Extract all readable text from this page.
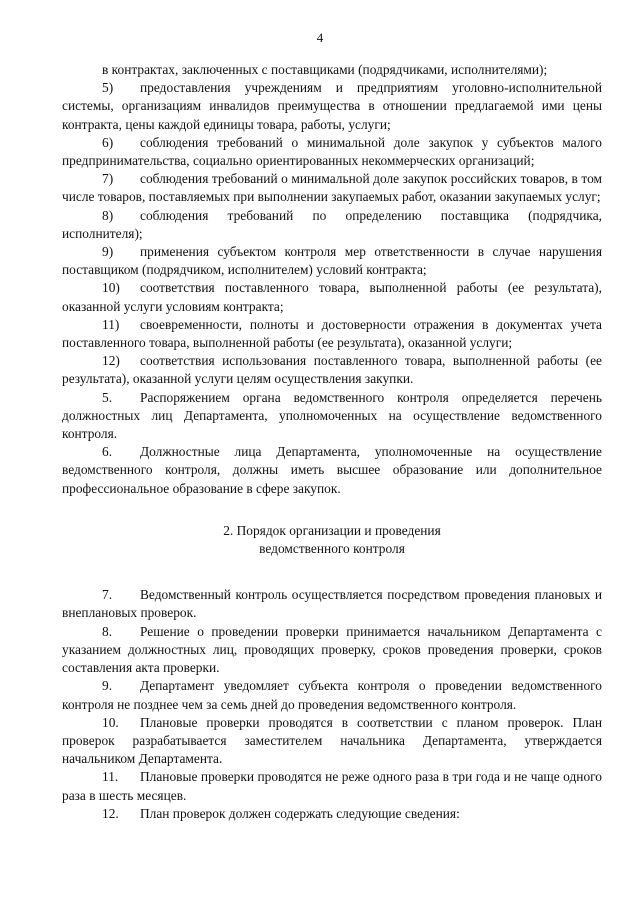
4

в контрактах, заключенных с поставщиками (подрядчиками, исполнителями);

5) предоставления учреждениям и предприятиям уголовно-исполнительной системы, организациям инвалидов преимущества в отношении предлагаемой ими цены контракта, цены каждой единицы товара, работы, услуги;

6) соблюдения требований о минимальной доле закупок у субъектов малого предпринимательства, социально ориентированных некоммерческих организаций;

7) соблюдения требований о минимальной доле закупок российских товаров, в том числе товаров, поставляемых при выполнении закупаемых работ, оказании закупаемых услуг;

8) соблюдения требований по определению поставщика (подрядчика, исполнителя);

9) применения субъектом контроля мер ответственности в случае нарушения поставщиком (подрядчиком, исполнителем) условий контракта;

10) соответствия поставленного товара, выполненной работы (ее результата), оказанной услуги условиям контракта;

11) своевременности, полноты и достоверности отражения в документах учета поставленного товара, выполненной работы (ее результата), оказанной услуги;

12) соответствия использования поставленного товара, выполненной работы (ее результата), оказанной услуги целям осуществления закупки.

5. Распоряжением органа ведомственного контроля определяется перечень должностных лиц Департамента, уполномоченных на осуществление ведомственного контроля.

6. Должностные лица Департамента, уполномоченные на осуществление ведомственного контроля, должны иметь высшее образование или дополнительное профессиональное образование в сфере закупок.

2. Порядок организации и проведения
ведомственного контроля

7. Ведомственный контроль осуществляется посредством проведения плановых и внеплановых проверок.

8. Решение о проведении проверки принимается начальником Департамента с указанием должностных лиц, проводящих проверку, сроков проведения проверки, сроков составления акта проверки.

9. Департамент уведомляет субъекта контроля о проведении ведомственного контроля не позднее чем за семь дней до проведения ведомственного контроля.

10. Плановые проверки проводятся в соответствии с планом проверок. План проверок разрабатывается заместителем начальника Департамента, утверждается начальником Департамента.

11. Плановые проверки проводятся не реже одного раза в три года и не чаще одного раза в шесть месяцев.

12. План проверок должен содержать следующие сведения:
